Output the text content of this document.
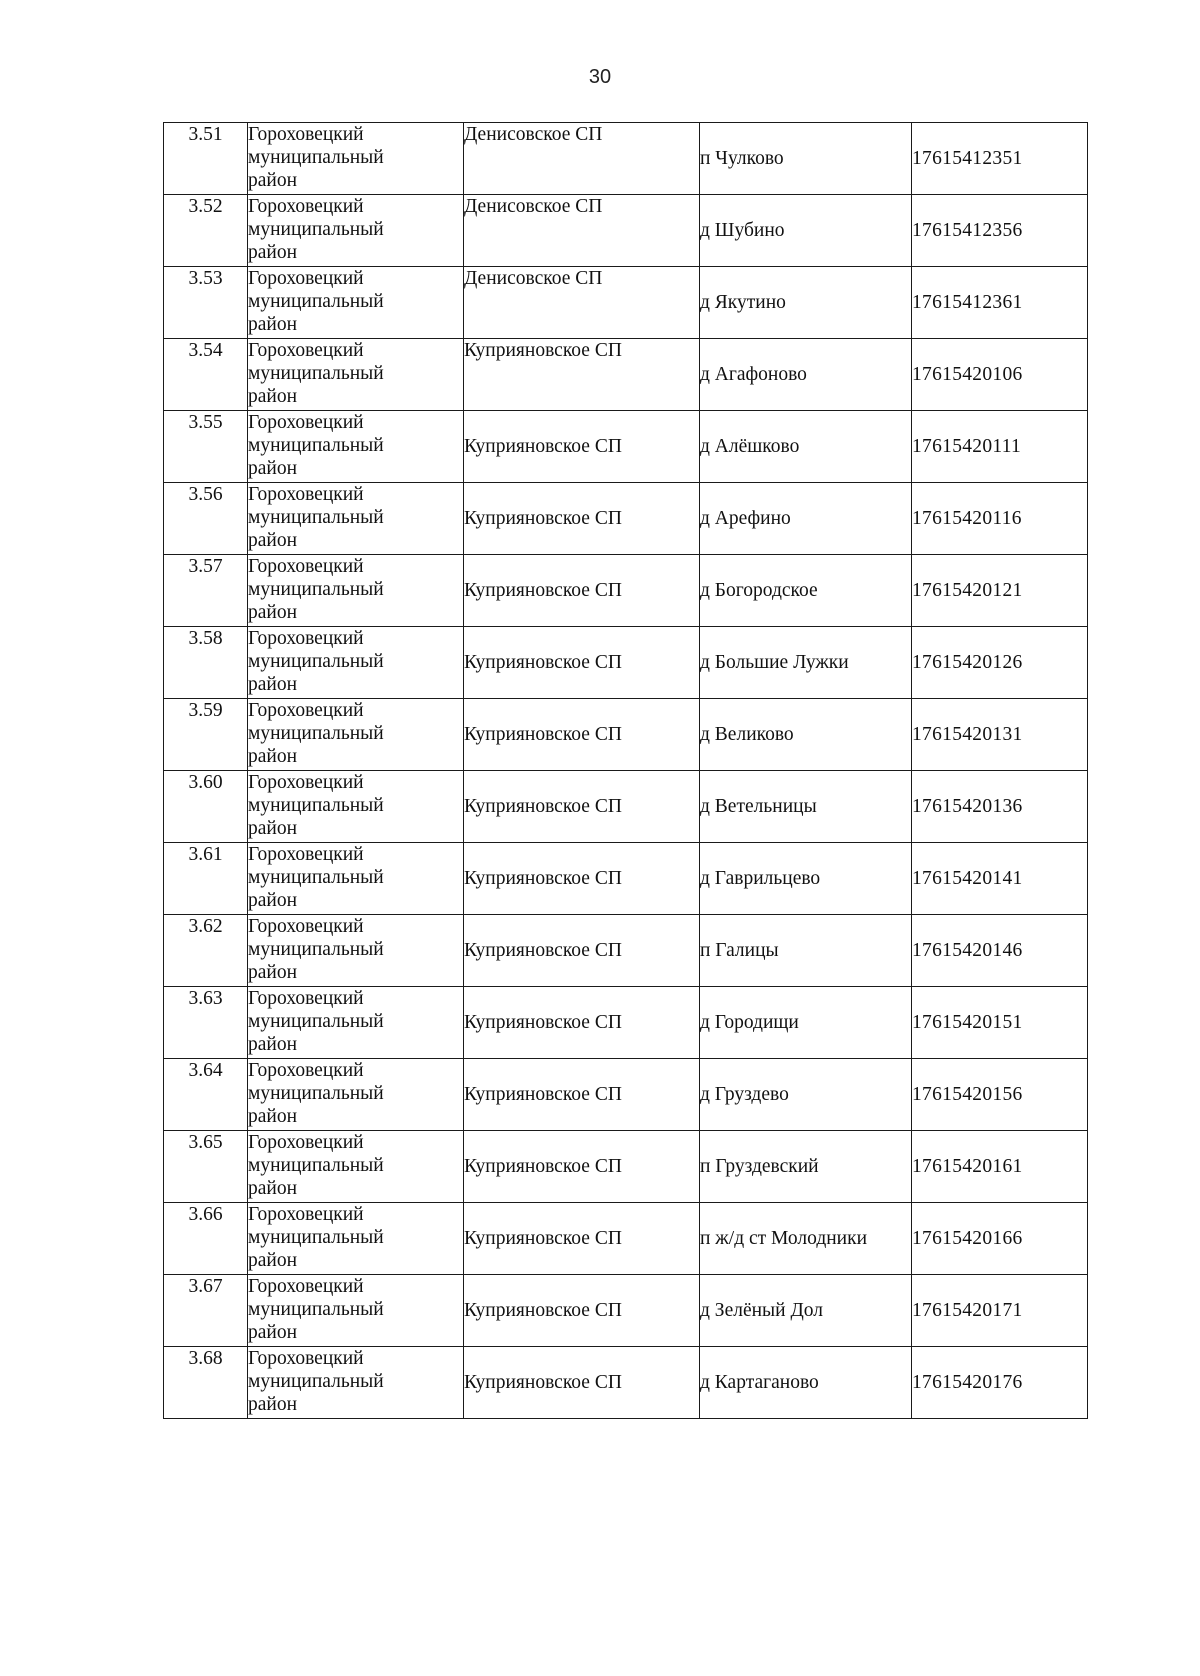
30
3.51	Гороховецкий
муниципальный
район	Денисовское СП	п Чулково	17615412351
3.52	Гороховецкий
муниципальный
район	Денисовское СП	д Шубино	17615412356
3.53	Гороховецкий
муниципальный
район	Денисовское СП	д Якутино	17615412361
3.54	Гороховецкий
муниципальный
район	Куприяновское СП	д Агафоново	17615420106
3.55	Гороховецкий
муниципальный
район	Куприяновское СП	д Алёшково	17615420111
3.56	Гороховецкий
муниципальный
район	Куприяновское СП	д Арефино	17615420116
3.57	Гороховецкий
муниципальный
район	Куприяновское СП	д Богородское	17615420121
3.58	Гороховецкий
муниципальный
район	Куприяновское СП	д Большие Лужки	17615420126
3.59	Гороховецкий
муниципальный
район	Куприяновское СП	д Великово	17615420131
3.60	Гороховецкий
муниципальный
район	Куприяновское СП	д Ветельницы	17615420136
3.61	Гороховецкий
муниципальный
район	Куприяновское СП	д Гаврильцево	17615420141
3.62	Гороховецкий
муниципальный
район	Куприяновское СП	п Галицы	17615420146
3.63	Гороховецкий
муниципальный
район	Куприяновское СП	д Городищи	17615420151
3.64	Гороховецкий
муниципальный
район	Куприяновское СП	д Груздево	17615420156
3.65	Гороховецкий
муниципальный
район	Куприяновское СП	п Груздевский	17615420161
3.66	Гороховецкий
муниципальный
район	Куприяновское СП	п ж/д ст Молодники	17615420166
3.67	Гороховецкий
муниципальный
район	Куприяновское СП	д Зелёный Дол	17615420171
3.68	Гороховецкий
муниципальный
район	Куприяновское СП	д Картаганово	17615420176
